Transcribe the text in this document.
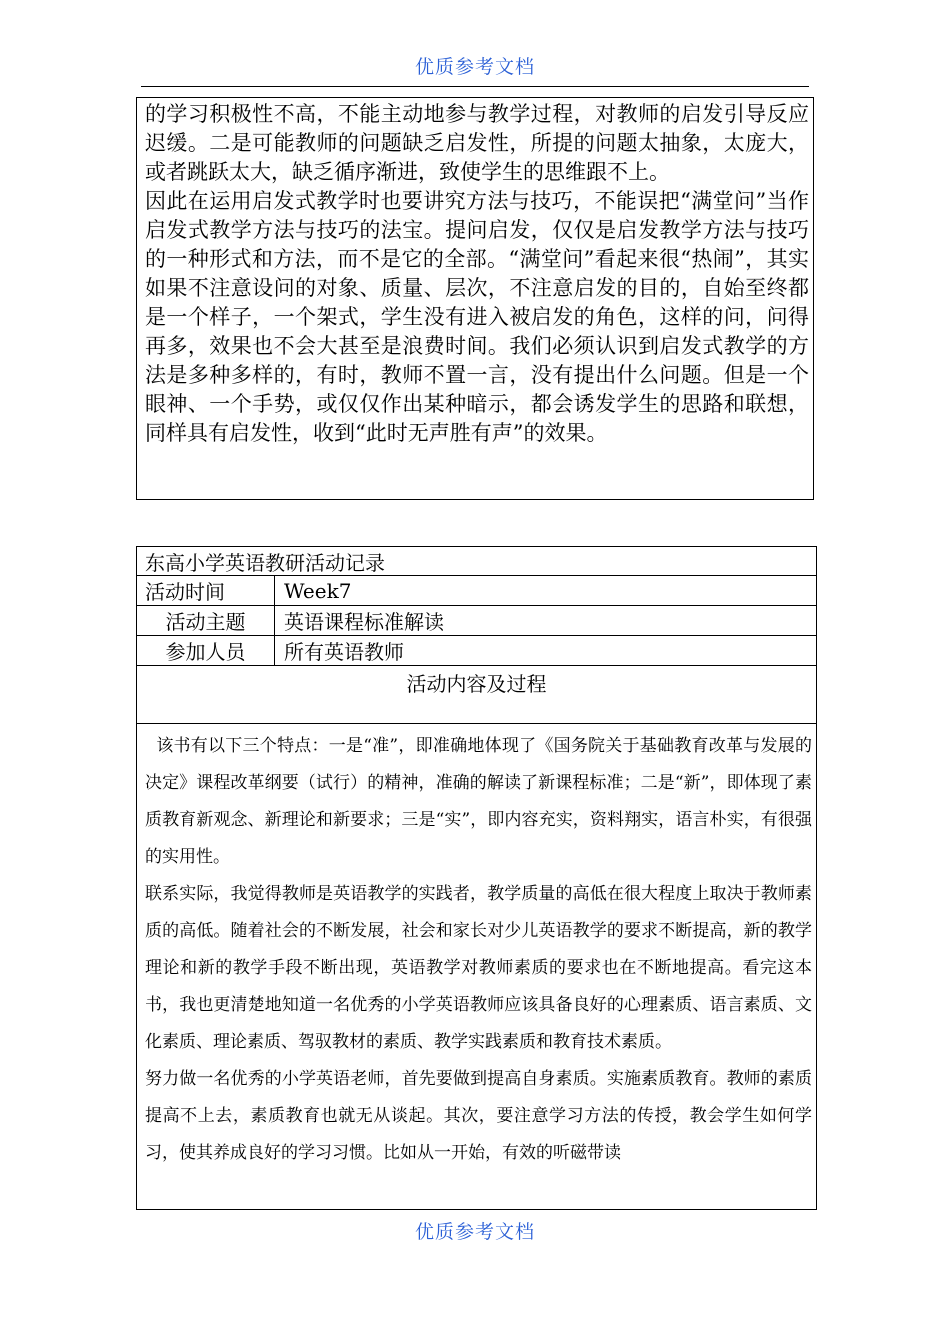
优质参考文档

的学习积极性不高，不能主动地参与教学过程，对教师的启发引导反应迟缓。二是可能教师的问题缺乏启发性，所提的问题太抽象，太庞大，或者跳跃太大，缺乏循序渐进，致使学生的思维跟不上。

因此在运用启发式教学时也要讲究方法与技巧，不能误把“满堂问”当作启发式教学方法与技巧的法宝。提问启发，仅仅是启发教学方法与技巧的一种形式和方法，而不是它的全部。“满堂问”看起来很“热闹”，其实如果不注意设问的对象、质量、层次，不注意启发的目的，自始至终都是一个样子，一个架式，学生没有进入被启发的角色，这样的问，问得再多，效果也不会大甚至是浪费时间。我们必须认识到启发式教学的方法是多种多样的，有时，教师不置一言，没有提出什么问题。但是一个眼神、一个手势，或仅仅作出某种暗示，都会诱发学生的思路和联想，同样具有启发性，收到“此时无声胜有声”的效果。

东高小学英语教研活动记录
活动时间	Week7
活动主题	英语课程标准解读
参加人员	所有英语教师
活动内容及过程

该书有以下三个特点：一是“准”，即准确地体现了《国务院关于基础教育改革与发展的决定》课程改革纲要（试行）的精神，准确的解读了新课程标准；二是“新”，即体现了素质教育新观念、新理论和新要求；三是“实”，即内容充实，资料翔实，语言朴实，有很强的实用性。

联系实际，我觉得教师是英语教学的实践者，教学质量的高低在很大程度上取决于教师素质的高低。随着社会的不断发展，社会和家长对少儿英语教学的要求不断提高，新的教学理论和新的教学手段不断出现，英语教学对教师素质的要求也在不断地提高。看完这本书，我也更清楚地知道一名优秀的小学英语教师应该具备良好的心理素质、语言素质、文化素质、理论素质、驾驭教材的素质、教学实践素质和教育技术素质。

努力做一名优秀的小学英语老师，首先要做到提高自身素质。实施素质教育。教师的素质提高不上去，素质教育也就无从谈起。其次，要注意学习方法的传授，教会学生如何学习，使其养成良好的学习习惯。比如从一开始，有效的听磁带读

优质参考文档
